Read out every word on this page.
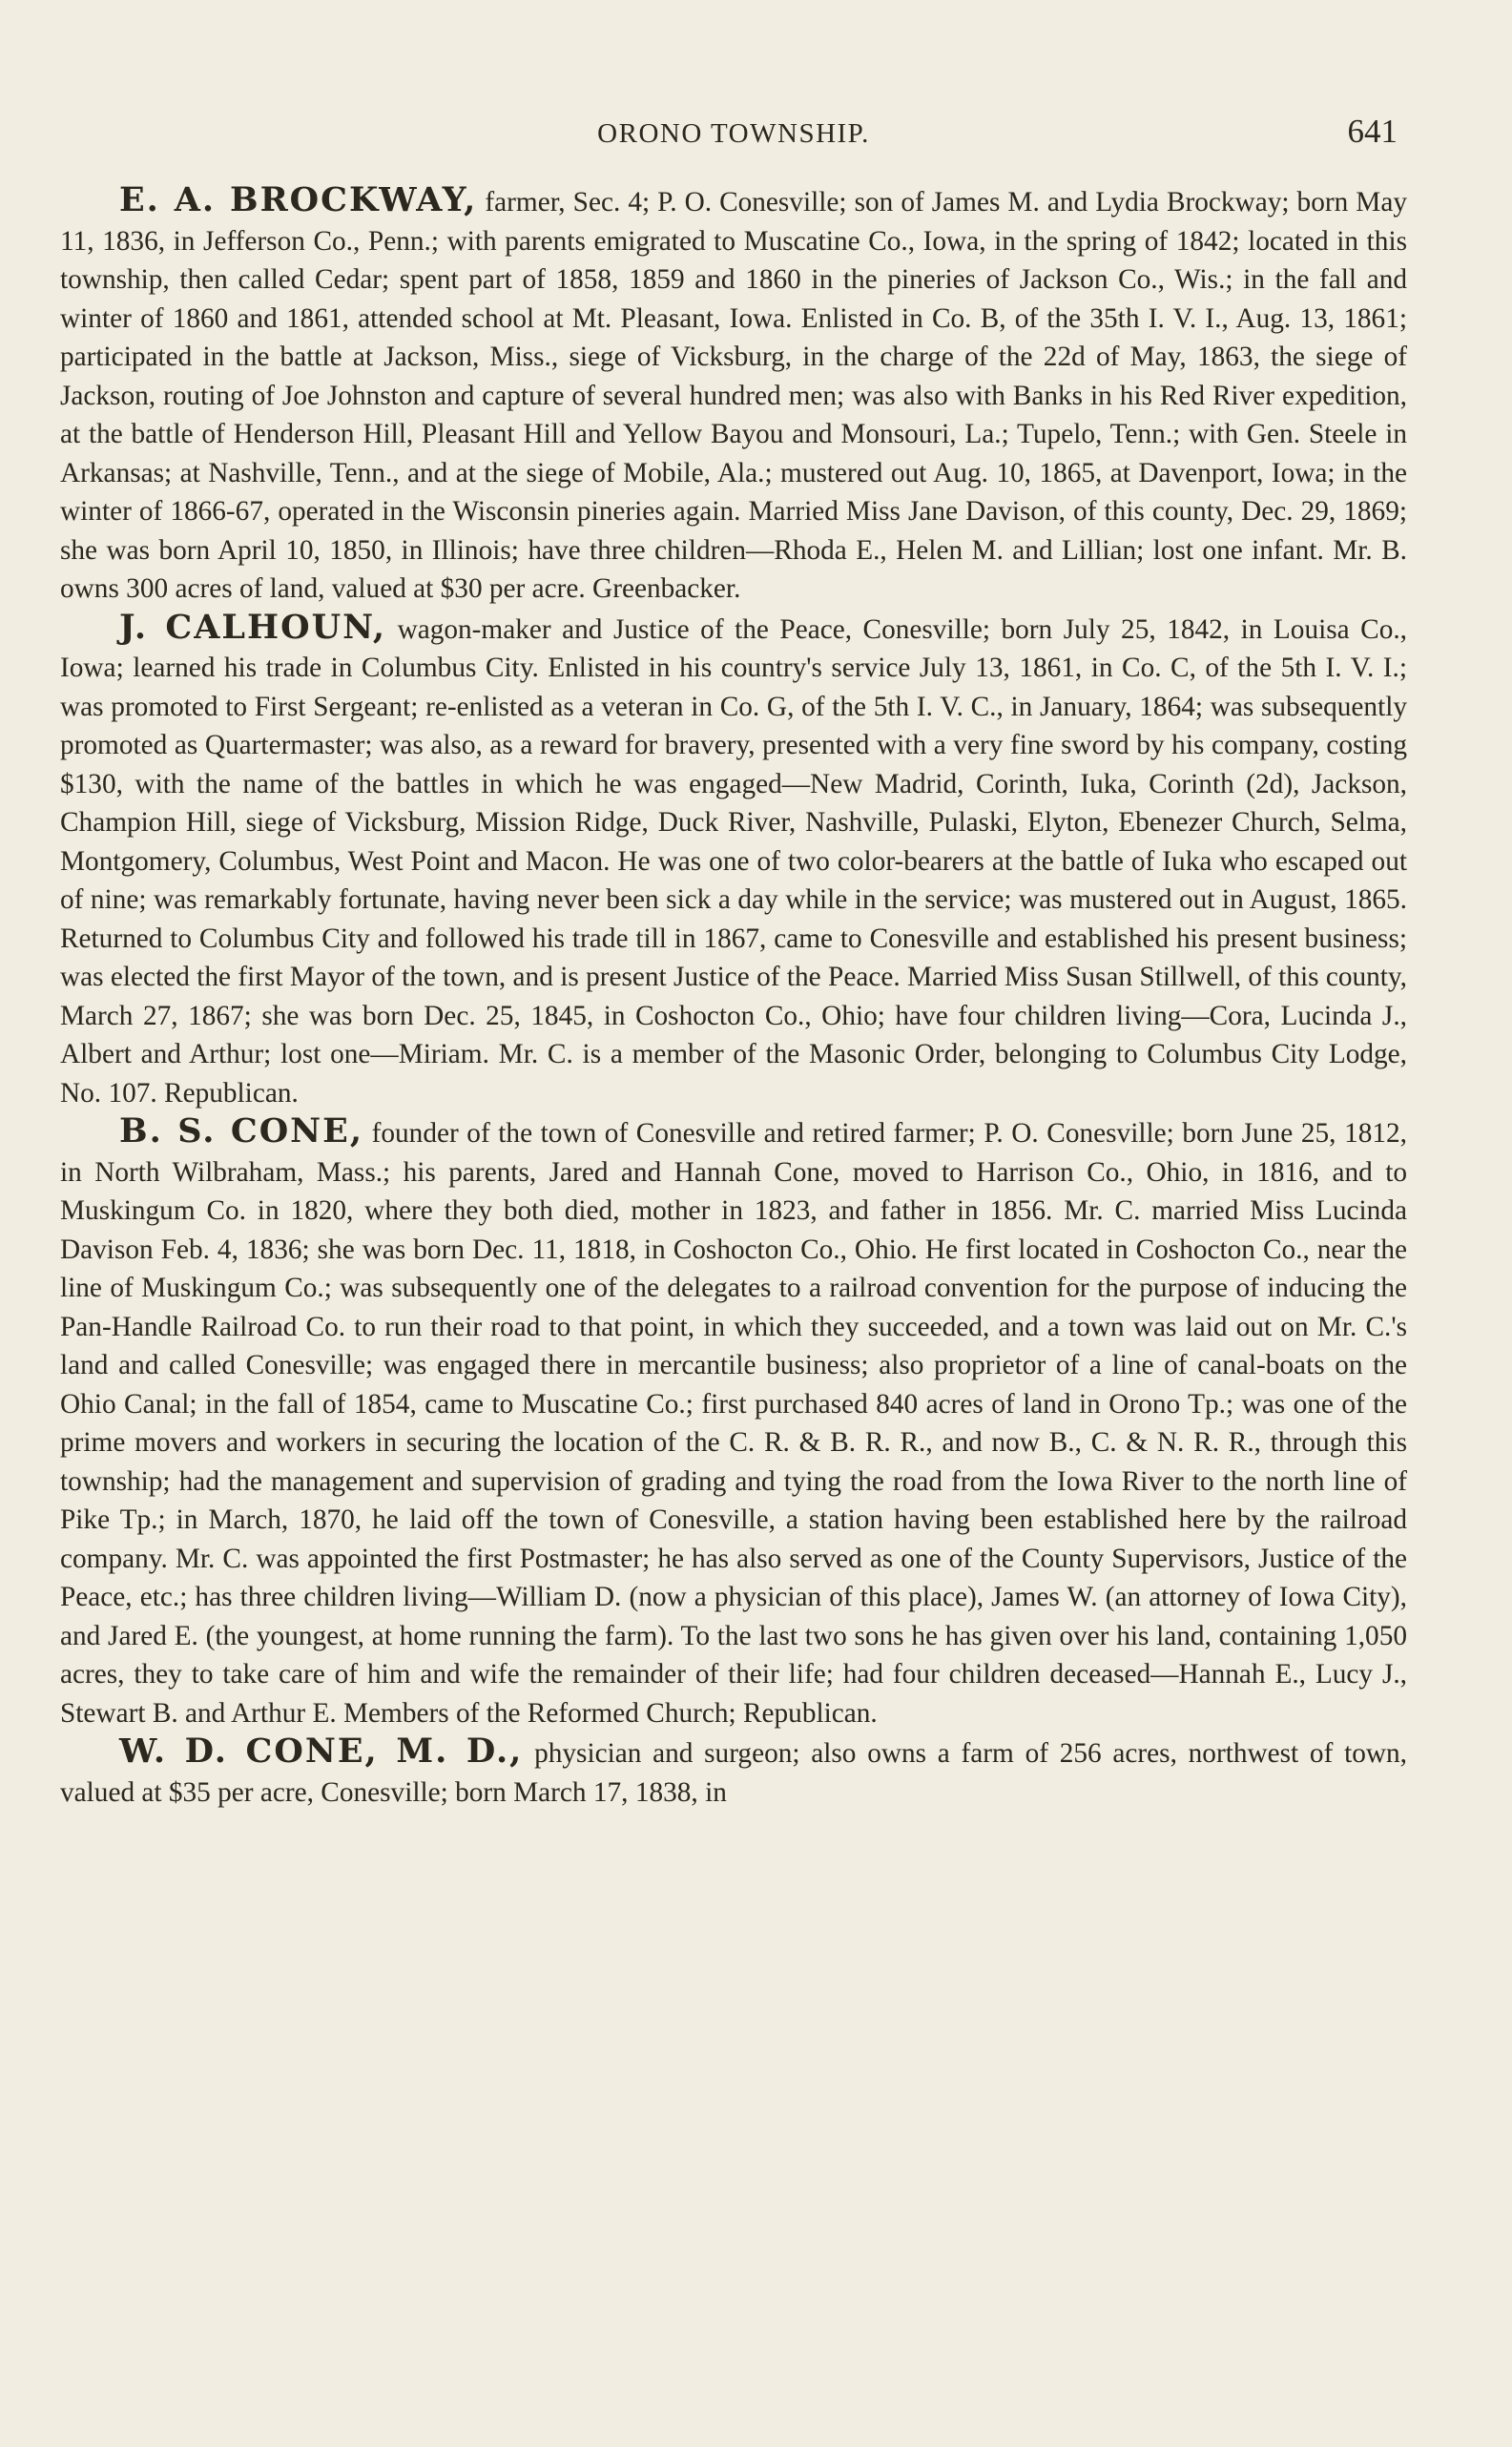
ORONO TOWNSHIP.	641

E. A. BROCKWAY, farmer, Sec. 4; P. O. Conesville; son of James M. and Lydia Brockway; born May 11, 1836, in Jefferson Co., Penn.; with parents emigrated to Muscatine Co., Iowa, in the spring of 1842; located in this township, then called Cedar; spent part of 1858, 1859 and 1860 in the pineries of Jackson Co., Wis.; in the fall and winter of 1860 and 1861, attended school at Mt. Pleasant, Iowa. Enlisted in Co. B, of the 35th I. V. I., Aug. 13, 1861; participated in the battle at Jackson, Miss., siege of Vicksburg, in the charge of the 22d of May, 1863, the siege of Jackson, routing of Joe Johnston and capture of several hundred men; was also with Banks in his Red River expedition, at the battle of Henderson Hill, Pleasant Hill and Yellow Bayou and Monsouri, La.; Tupelo, Tenn.; with Gen. Steele in Arkansas; at Nashville, Tenn., and at the siege of Mobile, Ala.; mustered out Aug. 10, 1865, at Davenport, Iowa; in the winter of 1866-67, operated in the Wisconsin pineries again. Married Miss Jane Davison, of this county, Dec. 29, 1869; she was born April 10, 1850, in Illinois; have three children—Rhoda E., Helen M. and Lillian; lost one infant. Mr. B. owns 300 acres of land, valued at $30 per acre. Greenbacker.

J. CALHOUN, wagon-maker and Justice of the Peace, Conesville; born July 25, 1842, in Louisa Co., Iowa; learned his trade in Columbus City. Enlisted in his country's service July 13, 1861, in Co. C, of the 5th I. V. I.; was promoted to First Sergeant; re-enlisted as a veteran in Co. G, of the 5th I. V. C., in January, 1864; was subsequently promoted as Quartermaster; was also, as a reward for bravery, presented with a very fine sword by his company, costing $130, with the name of the battles in which he was engaged—New Madrid, Corinth, Iuka, Corinth (2d), Jackson, Champion Hill, siege of Vicksburg, Mission Ridge, Duck River, Nashville, Pulaski, Elyton, Ebenezer Church, Selma, Montgomery, Columbus, West Point and Macon. He was one of two color-bearers at the battle of Iuka who escaped out of nine; was remarkably fortunate, having never been sick a day while in the service; was mustered out in August, 1865. Returned to Columbus City and followed his trade till in 1867, came to Conesville and established his present business; was elected the first Mayor of the town, and is present Justice of the Peace. Married Miss Susan Stillwell, of this county, March 27, 1867; she was born Dec. 25, 1845, in Coshocton Co., Ohio; have four children living—Cora, Lucinda J., Albert and Arthur; lost one—Miriam. Mr. C. is a member of the Masonic Order, belonging to Columbus City Lodge, No. 107. Republican.

B. S. CONE, founder of the town of Conesville and retired farmer; P. O. Conesville; born June 25, 1812, in North Wilbraham, Mass.; his parents, Jared and Hannah Cone, moved to Harrison Co., Ohio, in 1816, and to Muskingum Co. in 1820, where they both died, mother in 1823, and father in 1856. Mr. C. married Miss Lucinda Davison Feb. 4, 1836; she was born Dec. 11, 1818, in Coshocton Co., Ohio. He first located in Coshocton Co., near the line of Muskingum Co.; was subsequently one of the delegates to a railroad convention for the purpose of inducing the Pan-Handle Railroad Co. to run their road to that point, in which they succeeded, and a town was laid out on Mr. C.'s land and called Conesville; was engaged there in mercantile business; also proprietor of a line of canal-boats on the Ohio Canal; in the fall of 1854, came to Muscatine Co.; first purchased 840 acres of land in Orono Tp.; was one of the prime movers and workers in securing the location of the C. R. & B. R. R., and now B., C. & N. R. R., through this township; had the management and supervision of grading and tying the road from the Iowa River to the north line of Pike Tp.; in March, 1870, he laid off the town of Conesville, a station having been established here by the railroad company. Mr. C. was appointed the first Postmaster; he has also served as one of the County Supervisors, Justice of the Peace, etc.; has three children living—William D. (now a physician of this place), James W. (an attorney of Iowa City), and Jared E. (the youngest, at home running the farm). To the last two sons he has given over his land, containing 1,050 acres, they to take care of him and wife the remainder of their life; had four children deceased—Hannah E., Lucy J., Stewart B. and Arthur E. Members of the Reformed Church; Republican.

W. D. CONE, M. D., physician and surgeon; also owns a farm of 256 acres, northwest of town, valued at $35 per acre, Conesville; born March 17, 1838, in
